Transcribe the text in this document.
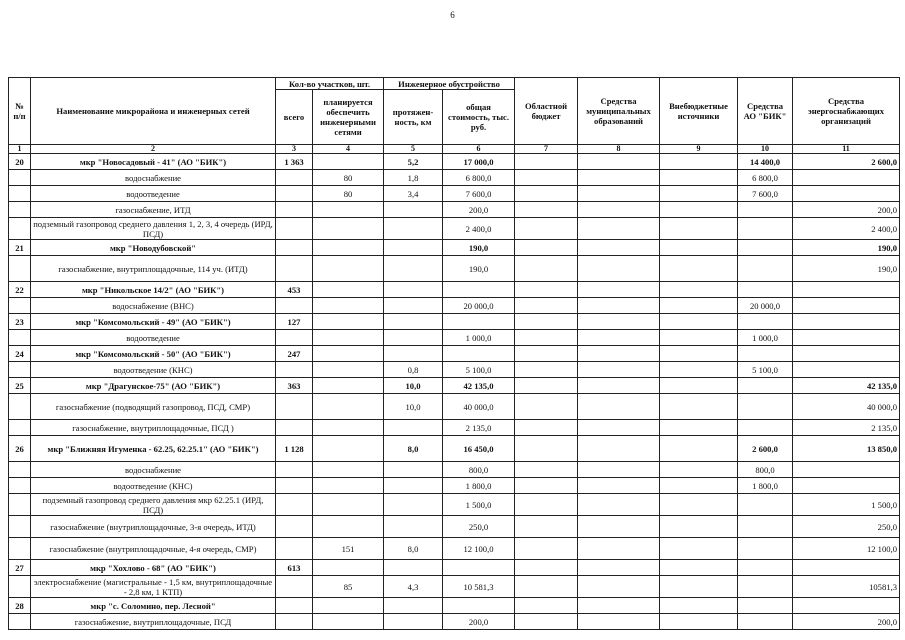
6
№ п/п	Наименование микрорайона и инженерных сетей	Кол-во участков, шт.		Инженерное обустройство		Областной бюджет	Средства муниципальных образований	Внебюджетные источники	Средства АО "БИК"	Средства энергоснабжающих организаций
		всего	планируется обеспечить инженерными сетями	протяжен-ность, км	общая стоимость, тыс. руб.					
1	2	3	4	5	6	7	8	9	10	11
20	мкр "Новосадовый - 41" (АО "БИК")	1 363		5,2	17 000,0				14 400,0	2 600,0
	водоснабжение		80	1,8	6 800,0				6 800,0	
	водоотведение		80	3,4	7 600,0				7 600,0	
	газоснабжение, ИТД				200,0					200,0
	подземный газопровод среднего давления 1, 2, 3, 4 очередь (ИРД, ПСД)				2 400,0					2 400,0
21	мкр "Новодубовской"				190,0					190,0
	газоснабжение, внутриплощадочные, 114 уч. (ИТД)				190,0					190,0
22	мкр "Никольское 14/2" (АО "БИК")	453								
	водоснабжение (ВНС)				20 000,0				20 000,0	
23	мкр "Комсомольский - 49" (АО "БИК")	127								
	водоотведение				1 000,0				1 000,0	
24	мкр "Комсомольский - 50" (АО "БИК")	247								
	водоотведение (КНС)			0,8	5 100,0				5 100,0	
25	мкр "Драгунское-75" (АО "БИК")	363		10,0	42 135,0					42 135,0
	газоснабжение (подводящий газопровод, ПСД, СМР)			10,0	40 000,0					40 000,0
	газоснабжение, внутриплощадочные, ПСД )				2 135,0					2 135,0
26	мкр "Ближняя Игуменка - 62.25, 62.25.1" (АО "БИК")	1 128		8,0	16 450,0				2 600,0	13 850,0
	водоснабжение				800,0				800,0	
	водоотведение (КНС)				1 800,0				1 800,0	
	подземный газопровод среднего давления мкр 62.25.1 (ИРД, ПСД)				1 500,0					1 500,0
	газоснабжение (внутриплощадочные, 3-я очередь, ИТД)				250,0					250,0
	газоснабжение (внутриплощадочные, 4-я очередь, СМР)		151	8,0	12 100,0					12 100,0
27	мкр "Хохлово - 68" (АО "БИК")	613								
	электроснабжение (магистральные - 1,5 км, внутриплощадочные - 2,8 км, 1 КТП)		85	4,3	10 581,3					10581,3
28	мкр "с. Соломино, пер. Лесной"									
	газоснабжение, внутриплощадочные, ПСД				200,0					200,0
